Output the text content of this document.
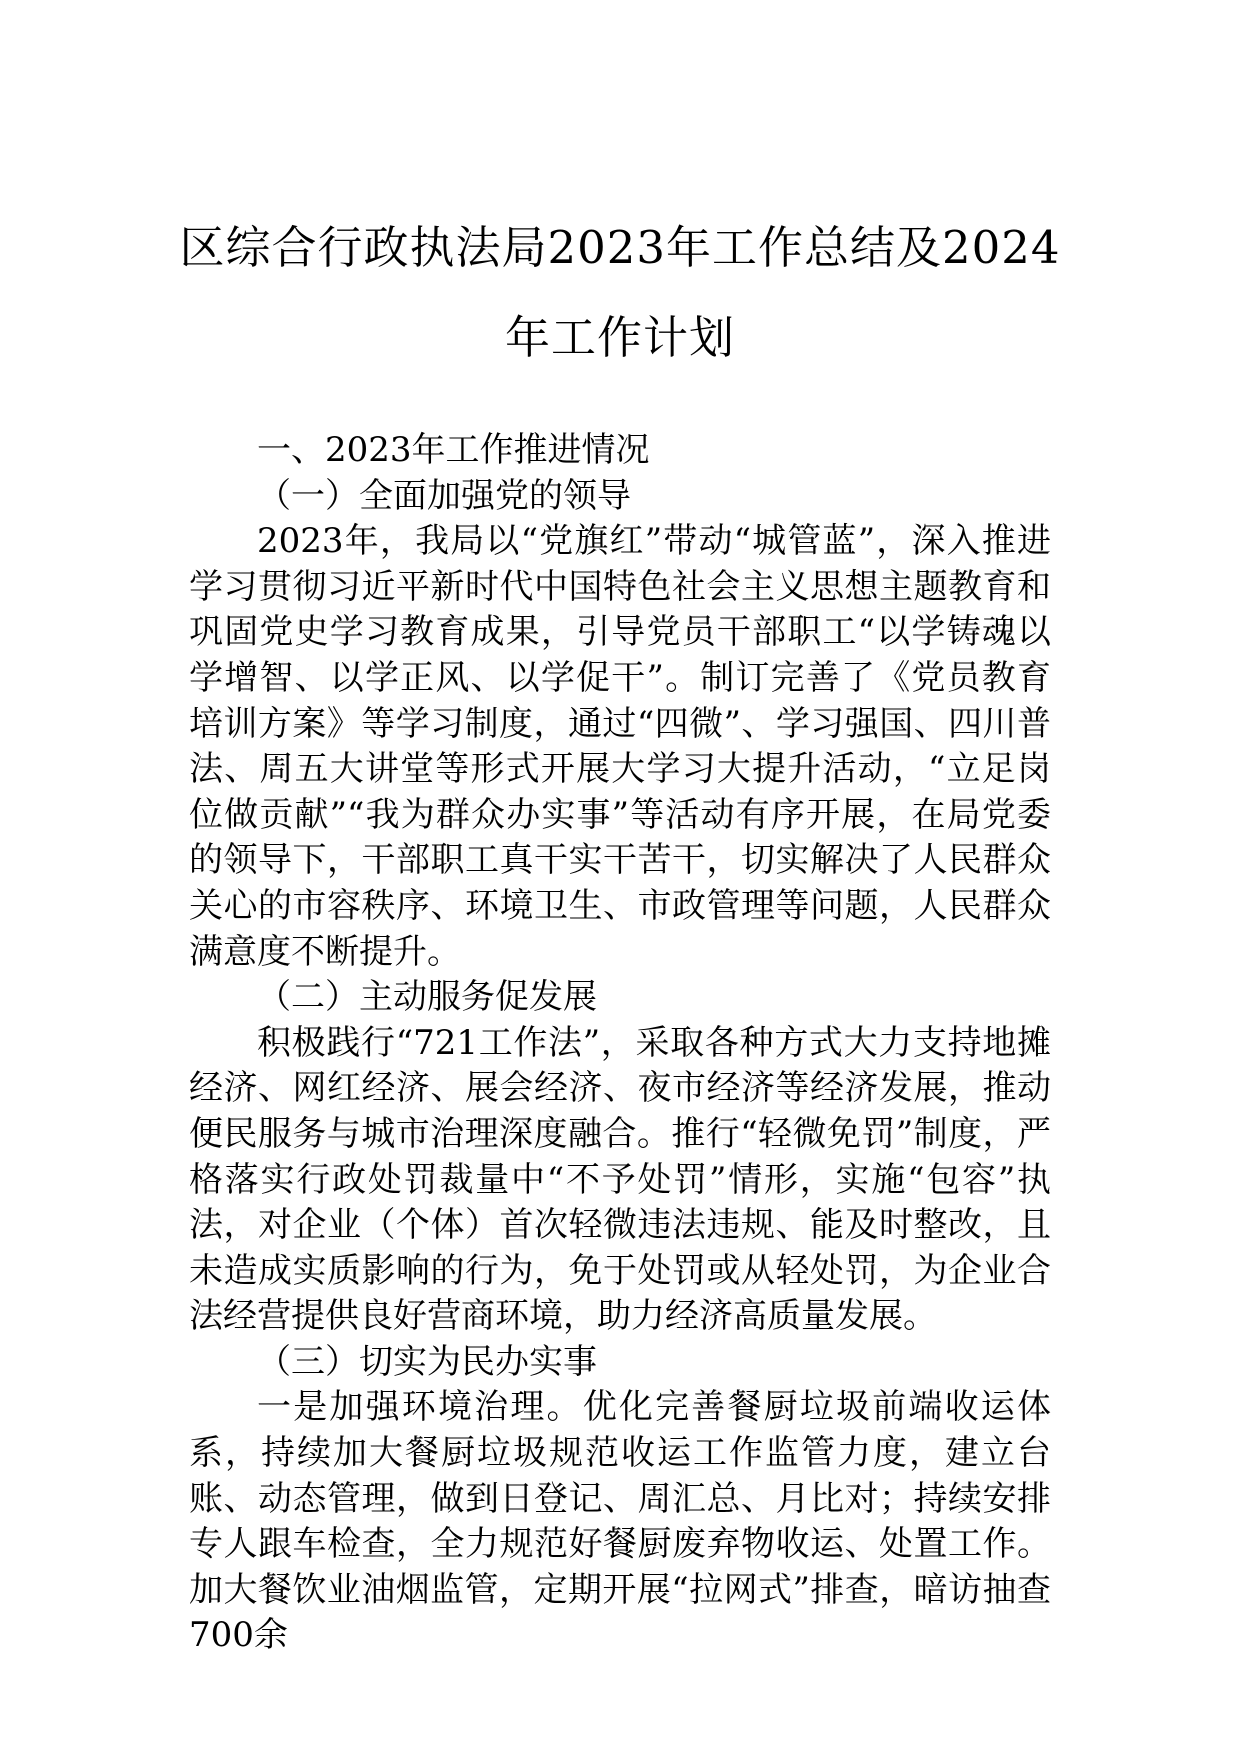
区综合行政执法局2023年工作总结及2024
年工作计划

一、2023年工作推进情况

（一）全面加强党的领导

2023年，我局以“党旗红”带动“城管蓝”，深入推进学习贯彻习近平新时代中国特色社会主义思想主题教育和巩固党史学习教育成果，引导党员干部职工“以学铸魂以学增智、以学正风、以学促干”。制订完善了《党员教育培训方案》等学习制度，通过“四微”、学习强国、四川普法、周五大讲堂等形式开展大学习大提升活动，“立足岗位做贡献”“我为群众办实事”等活动有序开展，在局党委的领导下，干部职工真干实干苦干，切实解决了人民群众关心的市容秩序、环境卫生、市政管理等问题，人民群众满意度不断提升。

（二）主动服务促发展

积极践行“721工作法”，采取各种方式大力支持地摊经济、网红经济、展会经济、夜市经济等经济发展，推动便民服务与城市治理深度融合。推行“轻微免罚”制度，严格落实行政处罚裁量中“不予处罚”情形，实施“包容”执法，对企业（个体）首次轻微违法违规、能及时整改，且未造成实质影响的行为，免于处罚或从轻处罚，为企业合法经营提供良好营商环境，助力经济高质量发展。

（三）切实为民办实事

一是加强环境治理。优化完善餐厨垃圾前端收运体系，持续加大餐厨垃圾规范收运工作监管力度，建立台账、动态管理，做到日登记、周汇总、月比对；持续安排专人跟车检查，全力规范好餐厨废弃物收运、处置工作。加大餐饮业油烟监管，定期开展“拉网式”排查，暗访抽查700余
